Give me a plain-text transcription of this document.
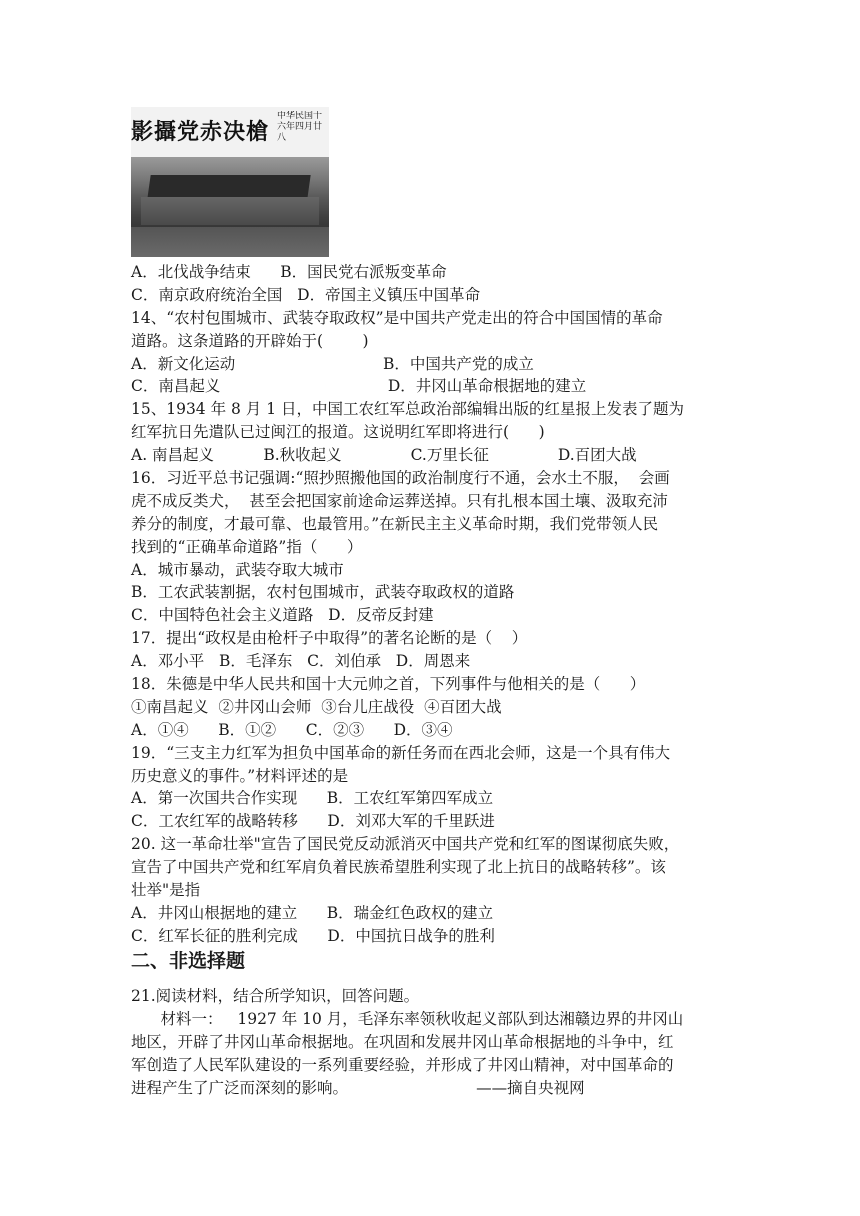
影攝党赤决槍
中华民国十六年四月廿八
A．北伐战争结束      B．国民党右派叛变革命
C．南京政府统治全国   D．帝国主义镇压中国革命
14、“农村包围城市、武装夺取政权”是中国共产党走出的符合中国国情的革命
道路。这条道路的开辟始于(        )
A．新文化运动                              B．中国共产党的成立
C．南昌起义                                  D．井冈山革命根据地的建立
15、1934 年 8 月 1 日，中国工农红军总政治部编辑出版的红星报上发表了题为
红军抗日先遣队已过闽江的报道。这说明红军即将进行(      )
A. 南昌起义          B.秋收起义              C.万里长征              D.百团大战
16．习近平总书记强调:“照抄照搬他国的政治制度行不通，会水土不服，  会画
虎不成反类犬，  甚至会把国家前途命运葬送掉。只有扎根本国土壤、汲取充沛
养分的制度，才最可靠、也最管用。”在新民主主义革命时期，我们党带领人民
找到的“正确革命道路”指（      ）
A．城市暴动，武装夺取大城市
B．工农武装割据，农村包围城市，武装夺取政权的道路
C．中国特色社会主义道路   D．反帝反封建
17．提出“政权是由枪杆子中取得”的著名论断的是（    ）
A．邓小平   B．毛泽东   C．刘伯承   D．周恩来
18．朱德是中华人民共和国十大元帅之首，下列事件与他相关的是（      ）
①南昌起义  ②井冈山会师  ③台儿庄战役  ④百团大战
A．①④      B．①②      C．②③      D．③④
19．“三支主力红军为担负中国革命的新任务而在西北会师，这是一个具有伟大
历史意义的事件。”材料评述的是
A．第一次国共合作实现      B．工农红军第四军成立
C．工农红军的战略转移      D．刘邓大军的千里跃进
20. 这一革命壮举"宣告了国民党反动派消灭中国共产党和红军的图谋彻底失败，
宣告了中国共产党和红军肩负着民族希望胜利实现了北上抗日的战略转移”。该
壮举"是指
A．井冈山根据地的建立      B．瑞金红色政权的建立
C．红军长征的胜利完成      D．中国抗日战争的胜利
二、非选择题
21.阅读材料，结合所学知识，回答问题。
材料一：   1927 年 10 月，毛泽东率领秋收起义部队到达湘赣边界的井冈山
地区，开辟了井冈山革命根据地。在巩固和发展井冈山革命根据地的斗争中，红
军创造了人民军队建设的一系列重要经验，并形成了井冈山精神，对中国革命的
进程产生了广泛而深刻的影响。                          ——摘自央视网
